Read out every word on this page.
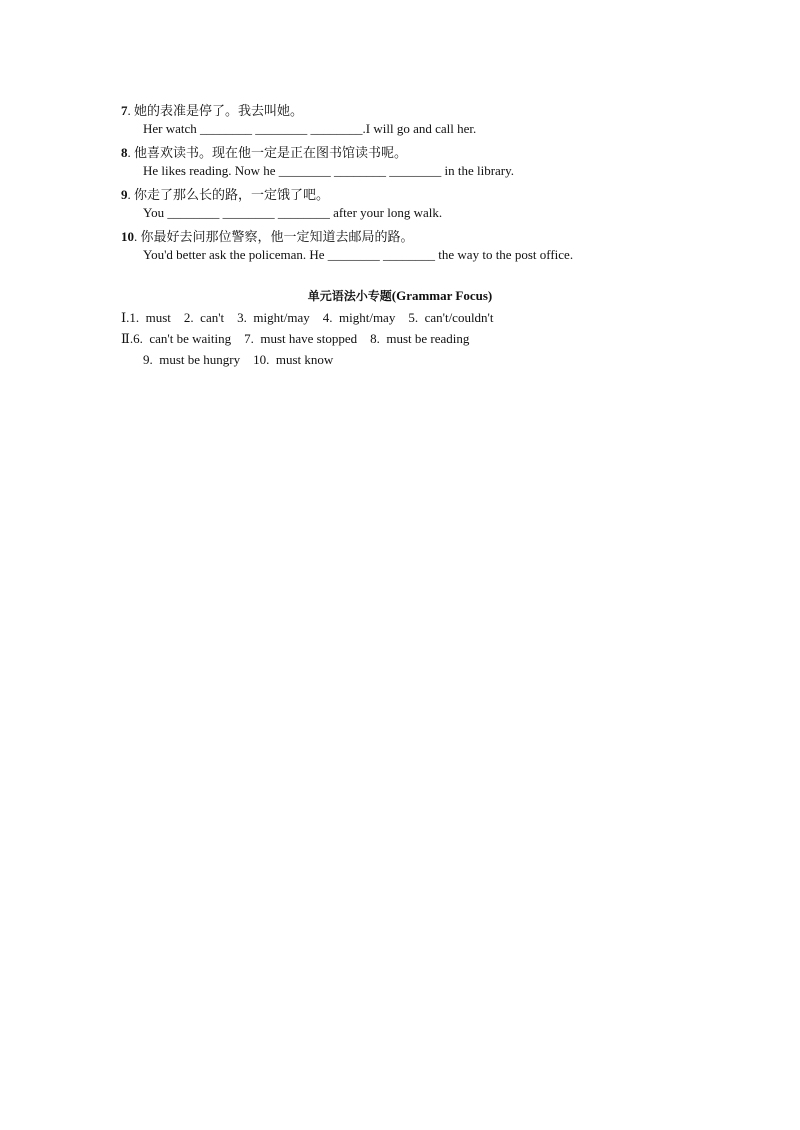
7. 她的表准是停了。我去叫她。
Her watch ________ ________ ________.I will go and call her.
8. 他喜欢读书。现在他一定是正在图书馆读书呢。
He likes reading. Now he ________ ________ ________ in the library.
9. 你走了那么长的路，一定饿了吧。
You ________ ________ ________ after your long walk.
10. 你最好去问那位警察，他一定知道去邮局的路。
You'd better ask the policeman. He ________ ________ the way to the post office.
单元语法小专题(Grammar Focus)
Ⅰ.1.  must    2.  can't    3.  might/may    4.  might/may    5.  can't/couldn't
Ⅱ.6.  can't be waiting    7.  must have stopped    8.  must be reading
9.  must be hungry    10.  must know
